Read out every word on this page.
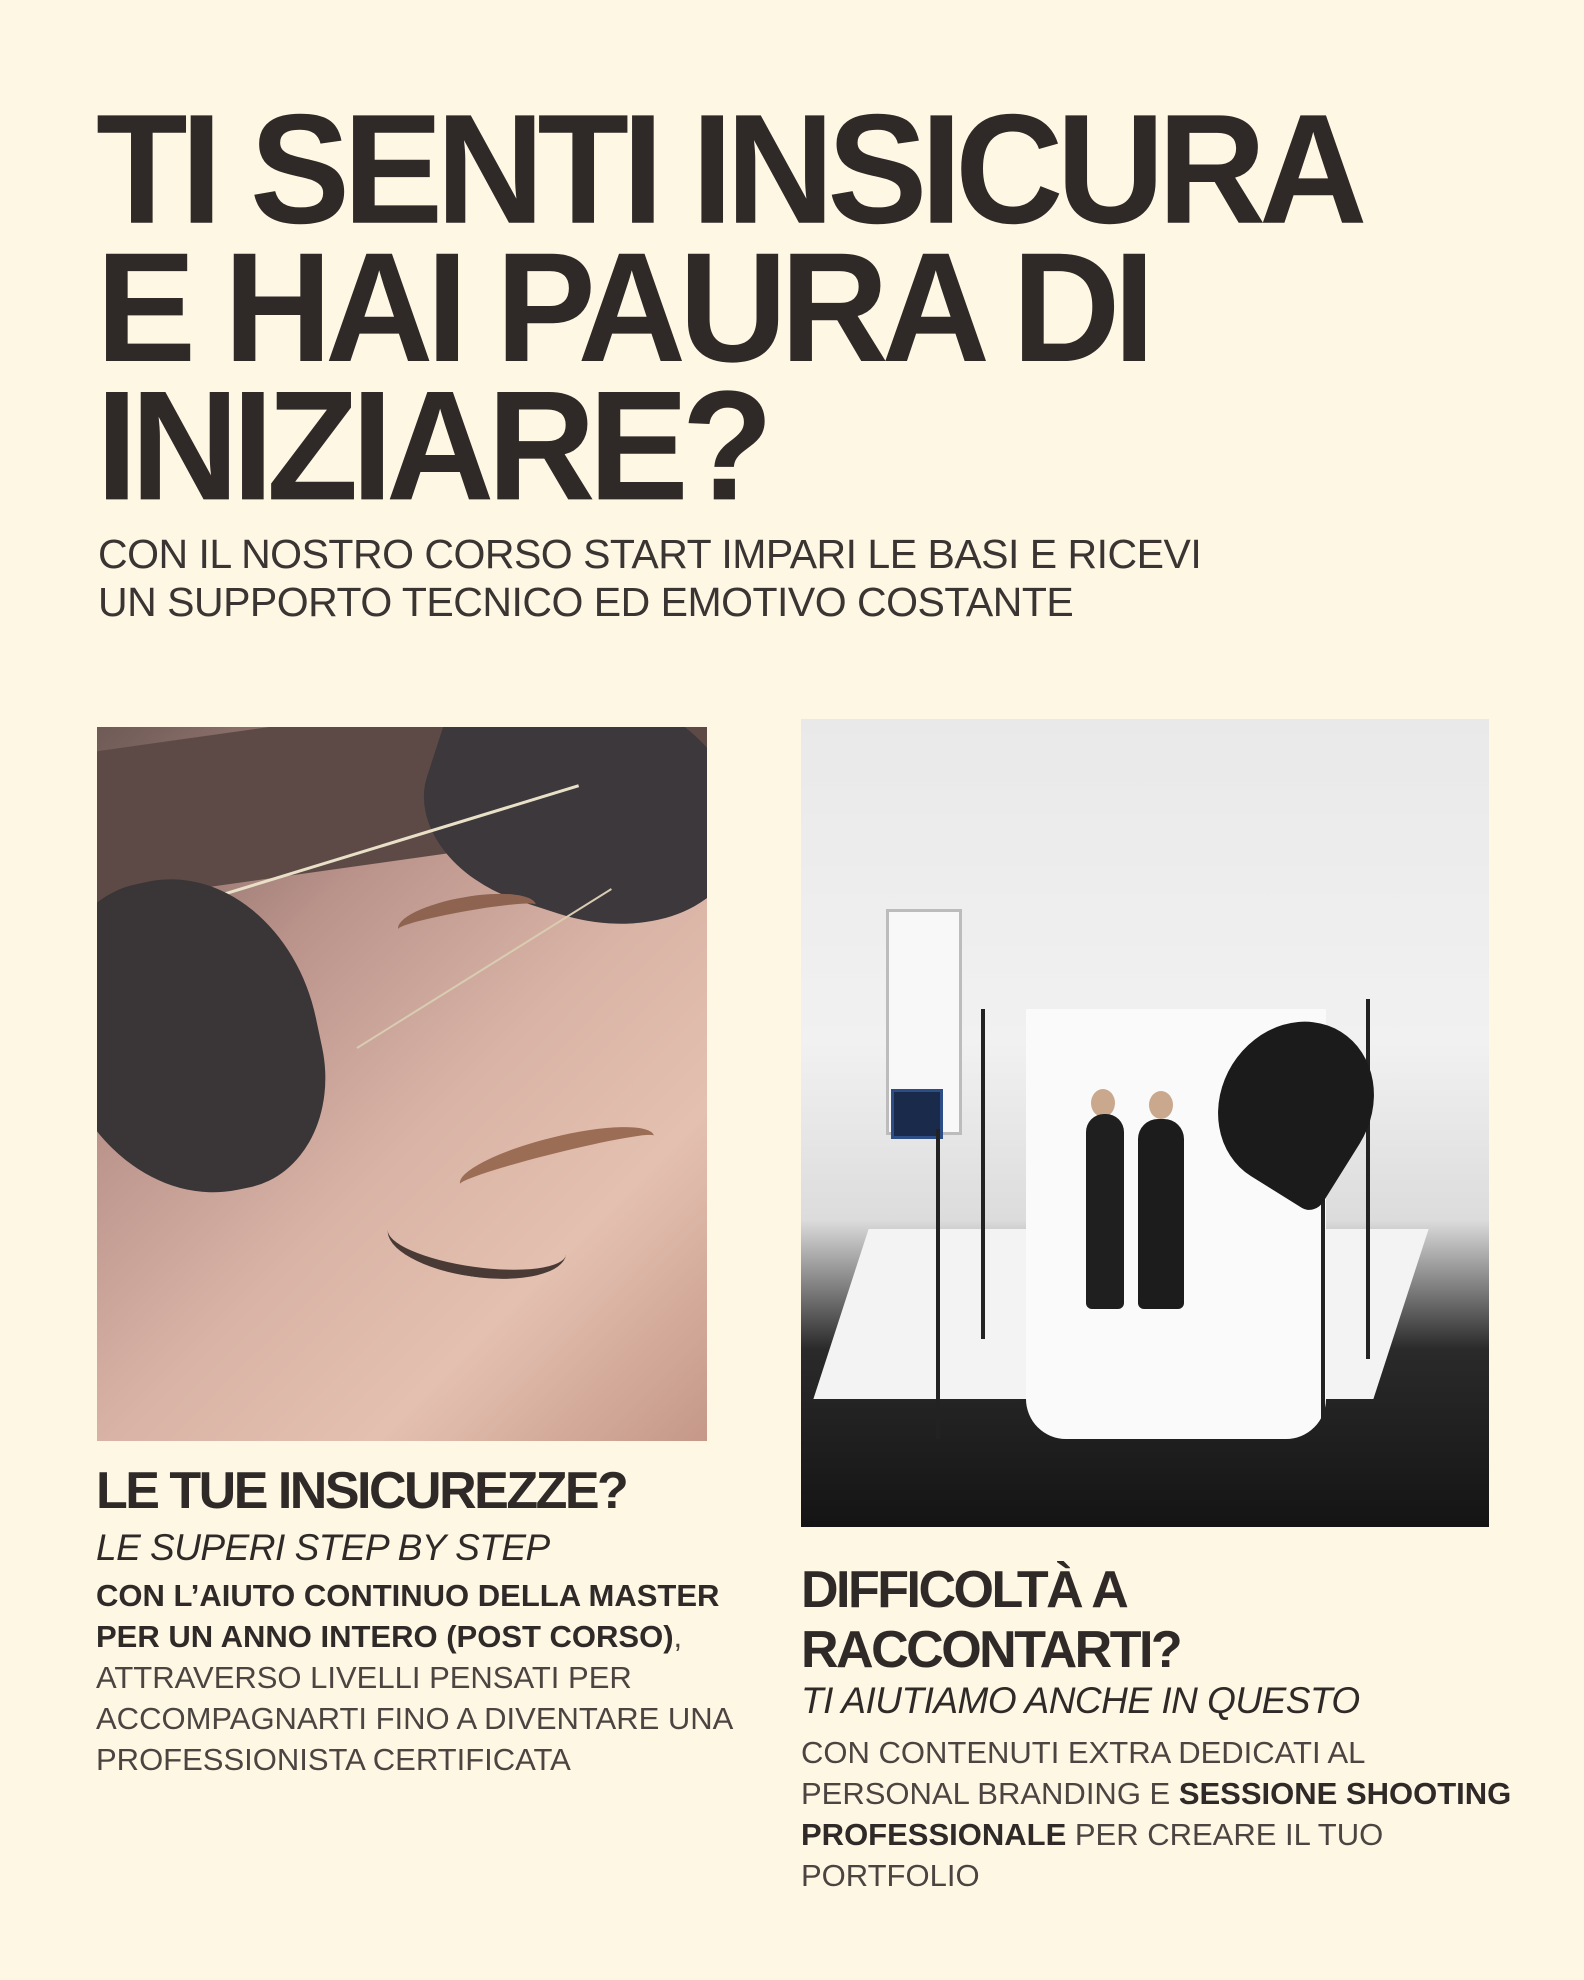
TI SENTI INSICURA
E HAI PAURA DI
INIZIARE?
CON IL NOSTRO CORSO START IMPARI LE BASI E RICEVI
UN SUPPORTO TECNICO ED EMOTIVO COSTANTE
LE TUE INSICUREZZE?
LE SUPERI STEP BY STEP
CON L’AIUTO CONTINUO DELLA MASTER PER UN ANNO INTERO (POST CORSO), ATTRAVERSO LIVELLI PENSATI PER ACCOMPAGNARTI FINO A DIVENTARE UNA PROFESSIONISTA CERTIFICATA
DIFFICOLTÀ A
RACCONTARTI?
TI AIUTIAMO ANCHE IN QUESTO
CON CONTENUTI EXTRA DEDICATI AL PERSONAL BRANDING E SESSIONE SHOOTING PROFESSIONALE PER CREARE IL TUO PORTFOLIO
